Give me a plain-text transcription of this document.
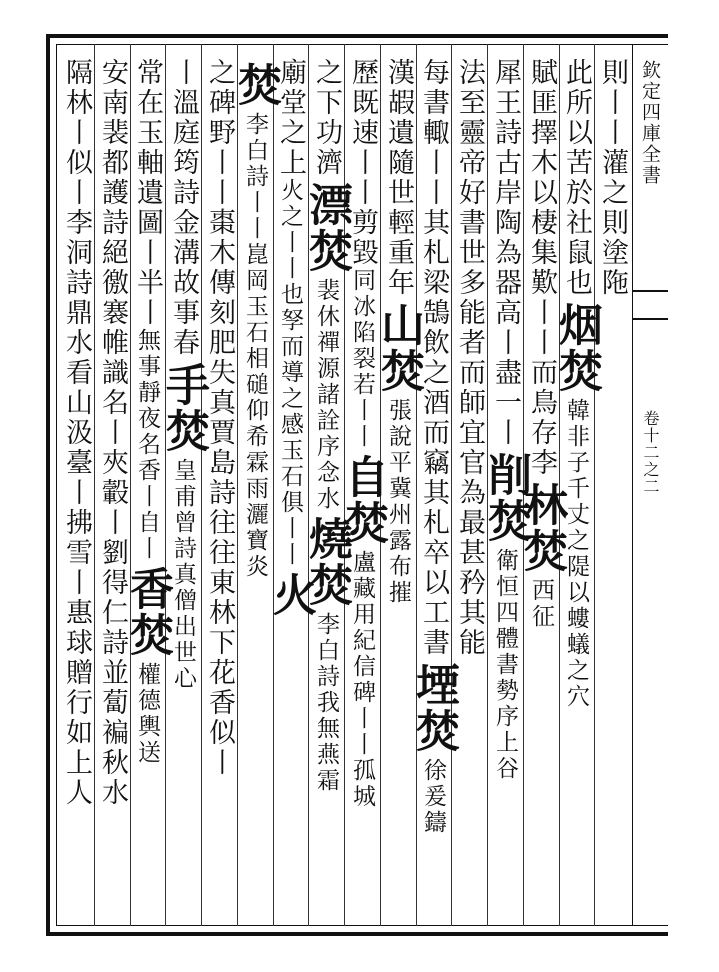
欽定四庫全書
卷十二之二
則丨丨灌之則塗陁
此所以苦於社鼠也
烟焚
韓非子千丈之隄以螻蟻之穴
賦匪擇木以棲集歎丨丨而鳥存李
林焚
西征
犀王詩古岸陶為器高丨盡一丨
削焚
衛恒四體書勢序上谷
法至靈帝好書世多能者而師宜官為最甚矜其能
每書輙丨丨其札梁鵠飲之酒而竊其札卒以工書
堙焚
徐爰鑄
漢嘏遺隨世輕重年
山焚
張說平冀州露布摧
歷既速丨丨剪毀
同冰陷裂若丨丨
自焚
盧藏用紀信碑丨丨孤城
之下功濟
漂焚
裴休禪源諸詮序念水
燒焚
李白詩我無燕霜
廟堂之上
火之丨丨也孥而導之
感玉石俱丨丨
火
焚
李白詩丨丨崑岡玉石相磓仰希霖雨灑寶炎
之碑野丨丨棗木傳刻肥失真賈島詩往往東林下花香似丨
丨溫庭筠詩金溝故事春
手焚
皇甫曾詩真僧出世心
常在玉軸遺圖丨半丨
無事靜夜名香丨自丨
香焚
權德輿送
安南裴都護詩絕徼褰帷識名丨夾轂丨劉得仁詩並蔔褊秋水
隔林丨似丨李洞詩鼎水看山汲臺丨拂雪丨惠球贈行如上人
